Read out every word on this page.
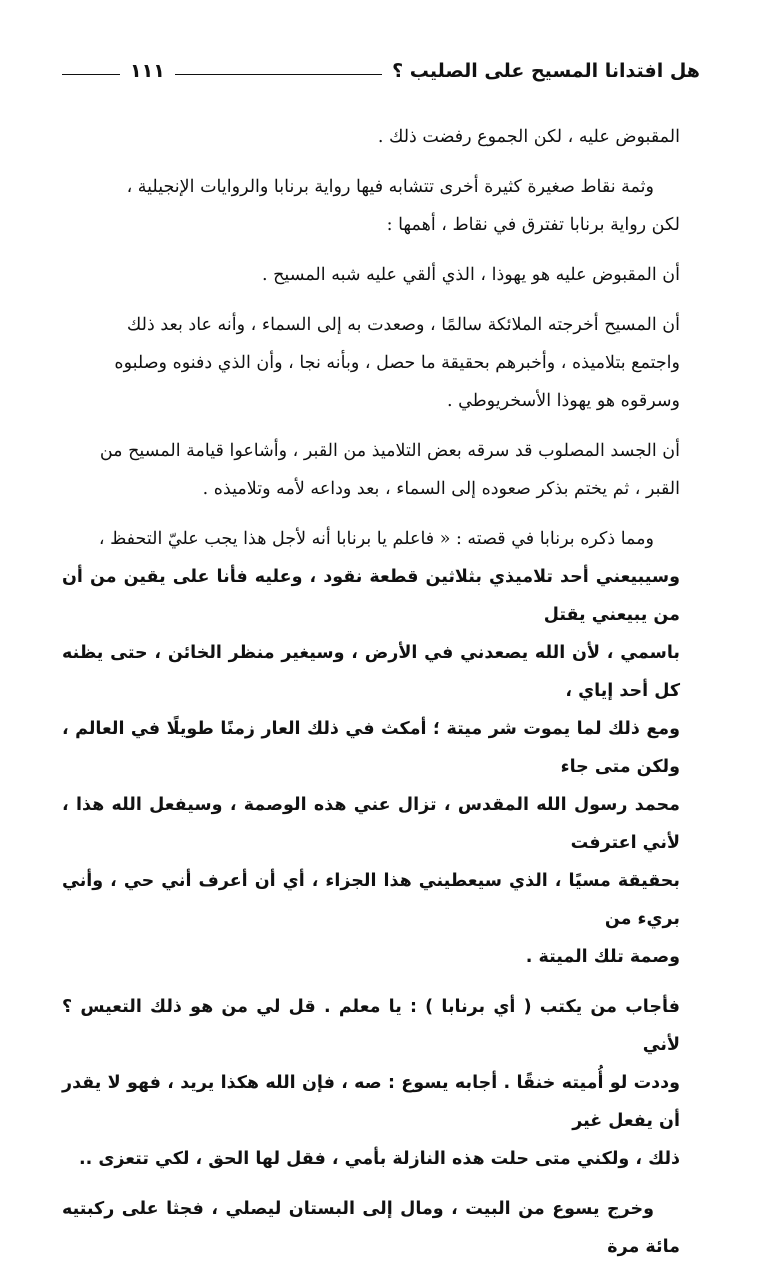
هل افتدانا المسيح على الصليب ؟
١١١
المقبوض عليه ، لكن الجموع رفضت ذلك .
وثمة نقاط صغيرة كثيرة أخرى تتشابه فيها رواية برنابا والروايات الإنجيلية ،
لكن رواية برنابا تفترق في نقاط ، أهمها :
أن المقبوض عليه هو يهوذا ، الذي ألقي عليه شبه المسيح .
أن المسيح أخرجته الملائكة سالمًا ، وصعدت به إلى السماء ، وأنه عاد بعد ذلك
واجتمع بتلاميذه ، وأخبرهم بحقيقة ما حصل ، وبأنه نجا ، وأن الذي دفنوه وصلبوه
وسرقوه هو يهوذا الأسخريوطي .
أن الجسد المصلوب قد سرقه بعض التلاميذ من القبر ، وأشاعوا قيامة المسيح من
القبر ، ثم يختم بذكر صعوده إلى السماء ، بعد وداعه لأمه وتلاميذه .
ومما ذكره برنابا في قصته : « فاعلم يا برنابا أنه لأجل هذا يجب عليّ التحفظ ،
وسيبيعني أحد تلاميذي بثلاثين قطعة نقود ، وعليه فأنا على يقين من أن من يبيعني يقتل
باسمي ، لأن الله يصعدني في الأرض ، وسيغير منظر الخائن ، حتى يظنه كل أحد إياي ،
ومع ذلك لما يموت شر ميتة ؛ أمكث في ذلك العار زمنًا طويلًا في العالم ، ولكن متى جاء
محمد رسول الله المقدس ، تزال عني هذه الوصمة ، وسيفعل الله هذا ، لأني اعترفت
بحقيقة مسيًا ، الذي سيعطيني هذا الجزاء ، أي أن أعرف أني حي ، وأني بريء من
وصمة تلك الميتة .
فأجاب من يكتب ( أي برنابا ) : يا معلم . قل لي من هو ذلك التعيس ؟ لأني
وددت لو أُميته خنقًا . أجابه يسوع : صه ، فإن الله هكذا يريد ، فهو لا يقدر أن يفعل غير
ذلك ، ولكني متى حلت هذه النازلة بأمي ، فقل لها الحق ، لكي تتعزى ..
وخرج يسوع من البيت ، ومال إلى البستان ليصلي ، فجثا على ركبتيه مائة مرة
